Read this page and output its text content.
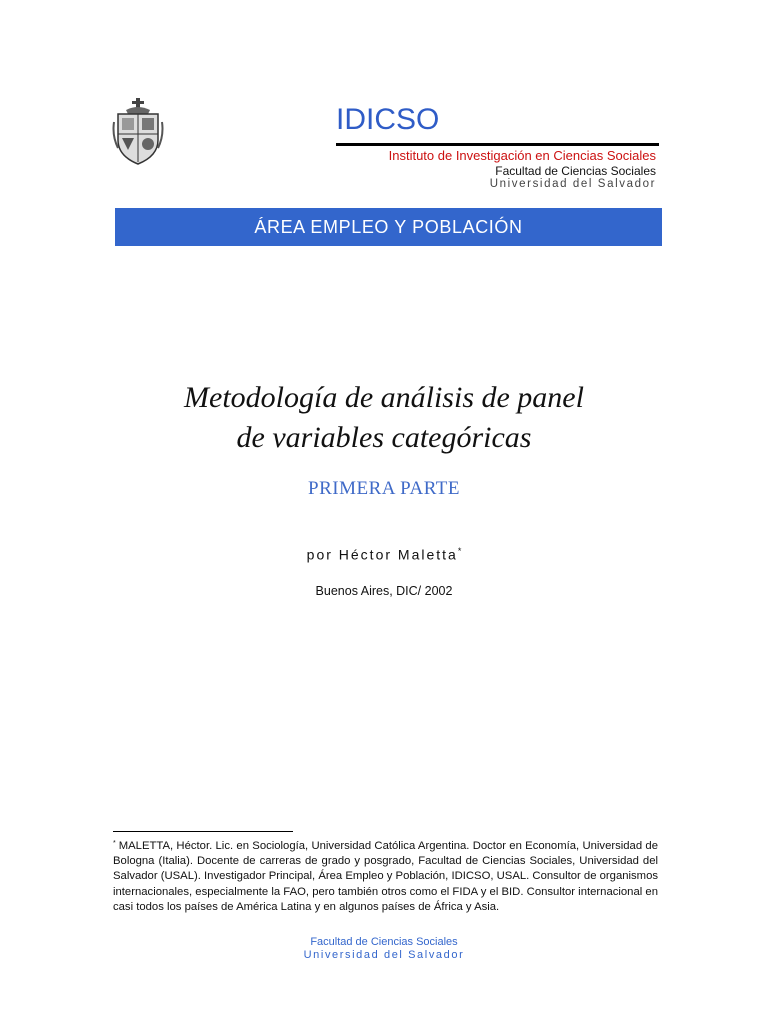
IDICSO
Instituto de Investigación en Ciencias Sociales
Facultad de Ciencias Sociales
Universidad del Salvador
ÁREA EMPLEO Y POBLACIÓN
Metodología de análisis de panel
de variables categóricas
PRIMERA PARTE
por Héctor Maletta*
Buenos Aires, DIC/ 2002
* MALETTA, Héctor. Lic. en Sociología, Universidad Católica Argentina. Doctor en Economía, Universidad de Bologna (Italia). Docente de carreras de grado y posgrado, Facultad de Ciencias Sociales, Universidad del Salvador (USAL). Investigador Principal, Área Empleo y Población, IDICSO, USAL. Consultor de organismos internacionales, especialmente la FAO, pero también otros como el FIDA y el BID. Consultor internacional en casi todos los países de América Latina y en algunos países de África y Asia.
Facultad de Ciencias Sociales
Universidad del Salvador
